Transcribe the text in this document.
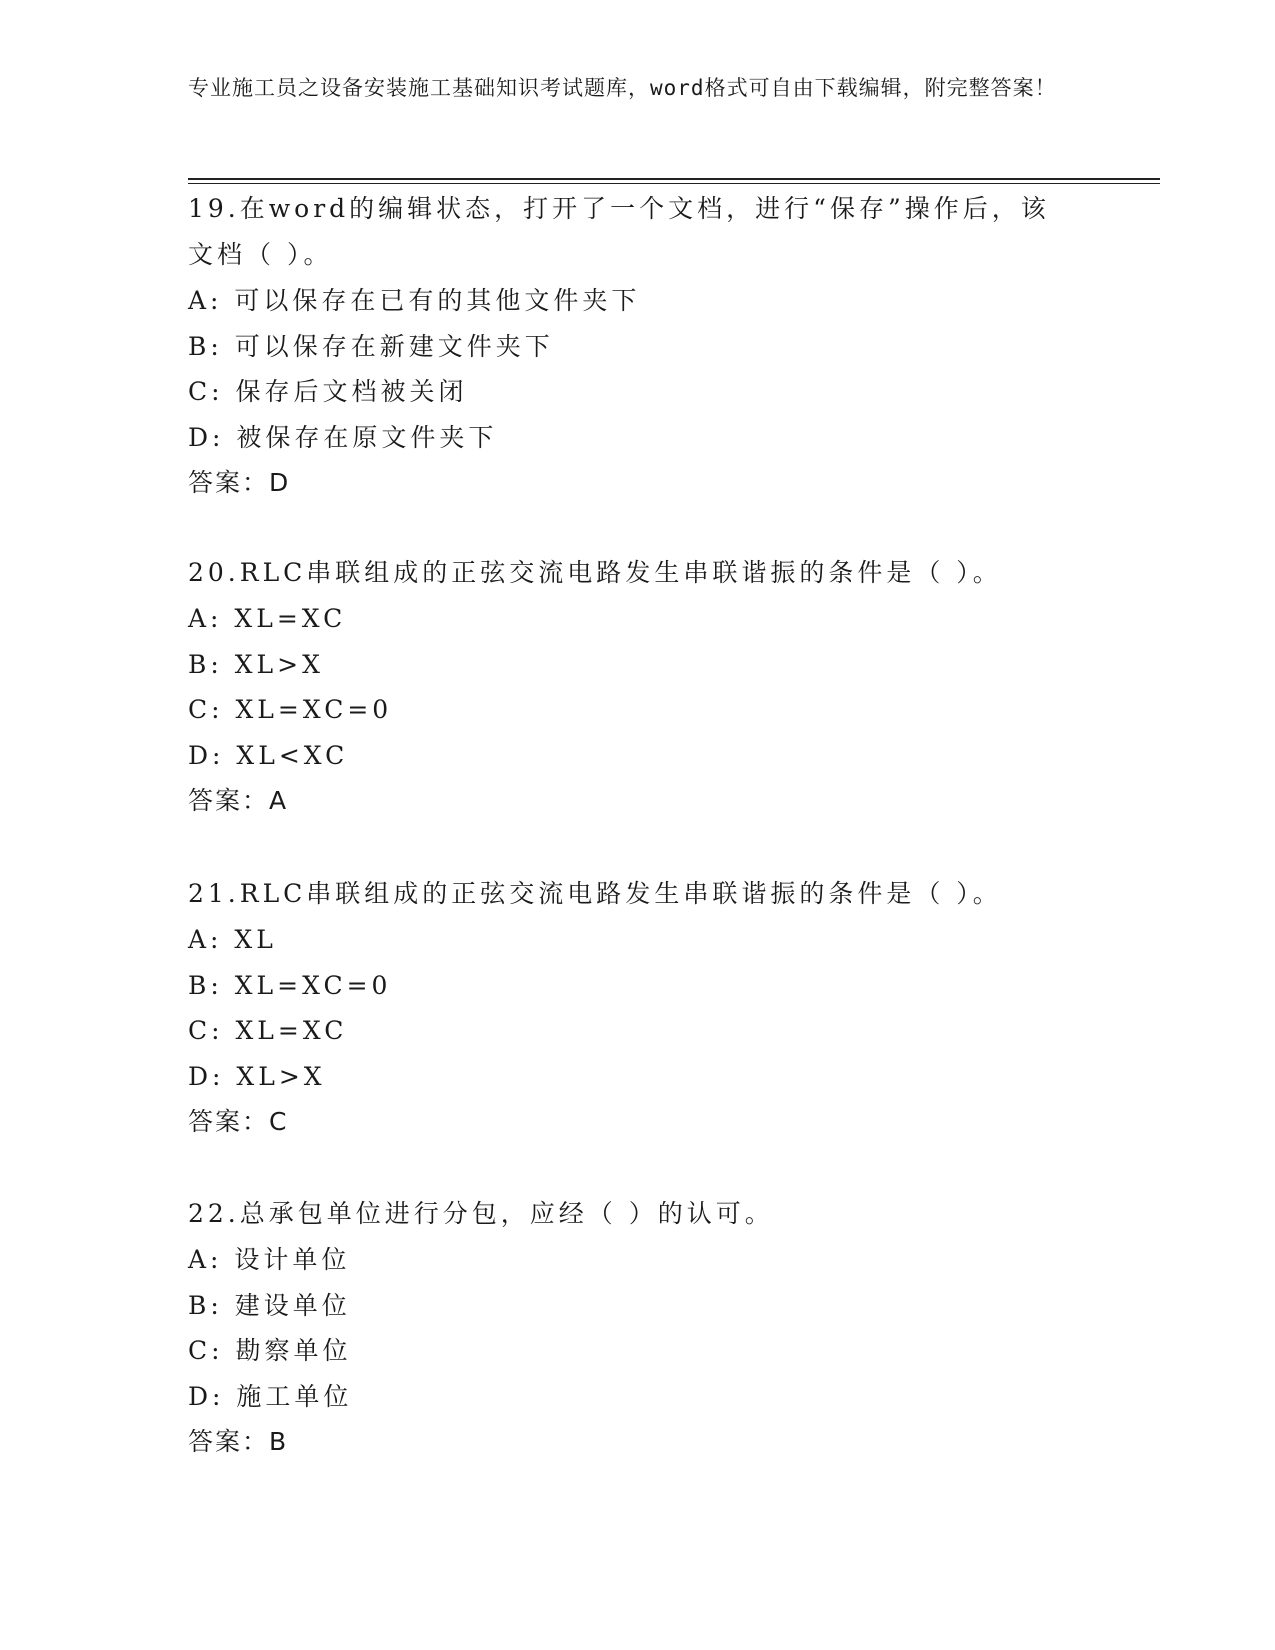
专业施工员之设备安装施工基础知识考试题库，word格式可自由下载编辑，附完整答案！

19.在word的编辑状态，打开了一个文档，进行“保存”操作后，该文档（ ）。

A: 可以保存在已有的其他文件夹下

B: 可以保存在新建文件夹下

C: 保存后文档被关闭

D: 被保存在原文件夹下

答案：D

20.RLC串联组成的正弦交流电路发生串联谐振的条件是（ ）。

A: XL=XC

B: XL>X

C: XL=XC=0

D: XL<XC

答案：A

21.RLC串联组成的正弦交流电路发生串联谐振的条件是（ ）。

A: XL

B: XL=XC=0

C: XL=XC

D: XL>X

答案：C

22.总承包单位进行分包，应经（ ）的认可。

A: 设计单位

B: 建设单位

C: 勘察单位

D: 施工单位

答案：B
